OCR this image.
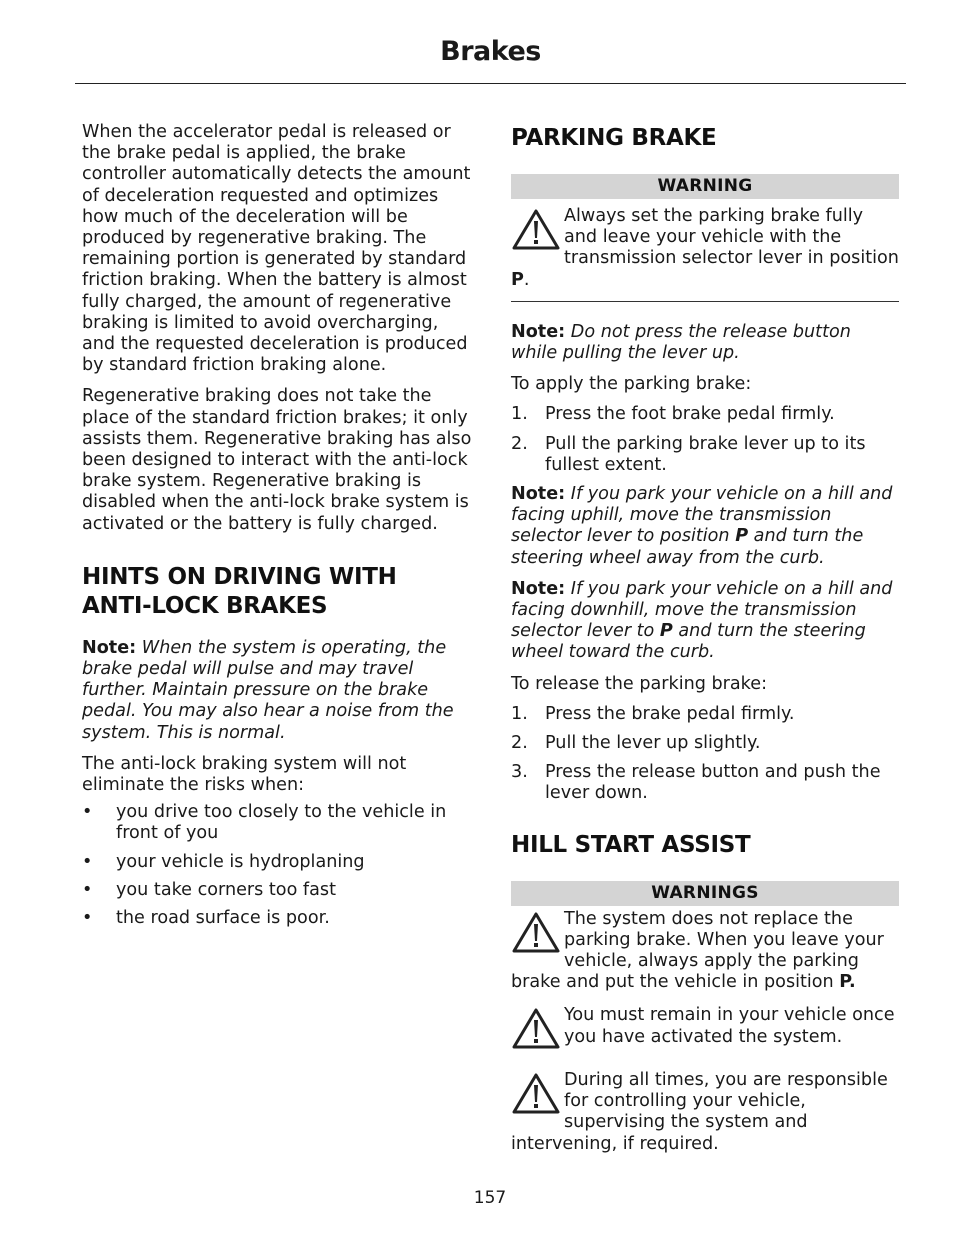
Brakes

When the accelerator pedal is released or the brake pedal is applied, the brake controller automatically detects the amount of deceleration requested and optimizes how much of the deceleration will be produced by regenerative braking. The remaining portion is generated by standard friction braking. When the battery is almost fully charged, the amount of regenerative braking is limited to avoid overcharging, and the requested deceleration is produced by standard friction braking alone.

Regenerative braking does not take the place of the standard friction brakes; it only assists them. Regenerative braking has also been designed to interact with the anti-lock brake system. Regenerative braking is disabled when the anti-lock brake system is activated or the battery is fully charged.

HINTS ON DRIVING WITH ANTI-LOCK BRAKES

Note: When the system is operating, the brake pedal will pulse and may travel further. Maintain pressure on the brake pedal. You may also hear a noise from the system. This is normal.

The anti-lock braking system will not eliminate the risks when:

• you drive too closely to the vehicle in front of you
• your vehicle is hydroplaning
• you take corners too fast
• the road surface is poor.
PARKING BRAKE
WARNING

Always set the parking brake fully and leave your vehicle with the transmission selector lever in position P.

Note: Do not press the release button while pulling the lever up.

To apply the parking brake:

1. Press the foot brake pedal firmly.
2. Pull the parking brake lever up to its fullest extent.

Note: If you park your vehicle on a hill and facing uphill, move the transmission selector lever to position P and turn the steering wheel away from the curb.

Note: If you park your vehicle on a hill and facing downhill, move the transmission selector lever to P and turn the steering wheel toward the curb.

To release the parking brake:

1. Press the brake pedal firmly.
2. Pull the lever up slightly.
3. Press the release button and push the lever down.
HILL START ASSIST
WARNINGS

The system does not replace the parking brake. When you leave your vehicle, always apply the parking brake and put the vehicle in position P.

You must remain in your vehicle once you have activated the system.

During all times, you are responsible for controlling your vehicle, supervising the system and intervening, if required.

157
